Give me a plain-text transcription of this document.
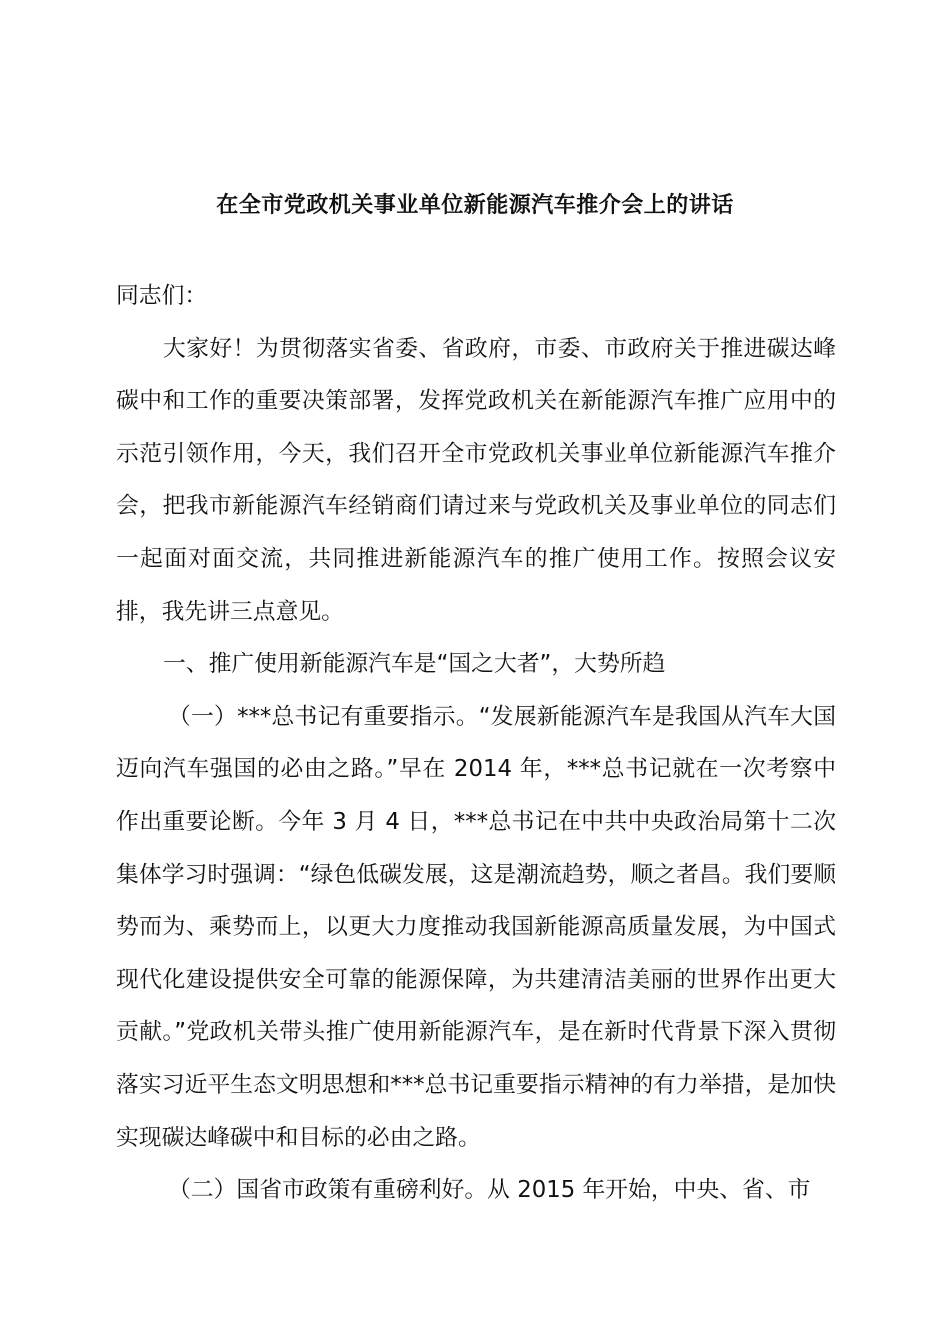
在全市党政机关事业单位新能源汽车推介会上的讲话

同志们：

大家好！为贯彻落实省委、省政府，市委、市政府关于推进碳达峰碳中和工作的重要决策部署，发挥党政机关在新能源汽车推广应用中的示范引领作用，今天，我们召开全市党政机关事业单位新能源汽车推介会，把我市新能源汽车经销商们请过来与党政机关及事业单位的同志们一起面对面交流，共同推进新能源汽车的推广使用工作。按照会议安排，我先讲三点意见。

一、推广使用新能源汽车是“国之大者”，大势所趋

（一）***总书记有重要指示。“发展新能源汽车是我国从汽车大国迈向汽车强国的必由之路。”早在 2014 年，***总书记就在一次考察中作出重要论断。今年 3 月 4 日，***总书记在中共中央政治局第十二次集体学习时强调：“绿色低碳发展，这是潮流趋势，顺之者昌。我们要顺势而为、乘势而上，以更大力度推动我国新能源高质量发展，为中国式现代化建设提供安全可靠的能源保障，为共建清洁美丽的世界作出更大贡献。”党政机关带头推广使用新能源汽车，是在新时代背景下深入贯彻落实习近平生态文明思想和***总书记重要指示精神的有力举措，是加快实现碳达峰碳中和目标的必由之路。

（二）国省市政策有重磅利好。从 2015 年开始，中央、省、市
